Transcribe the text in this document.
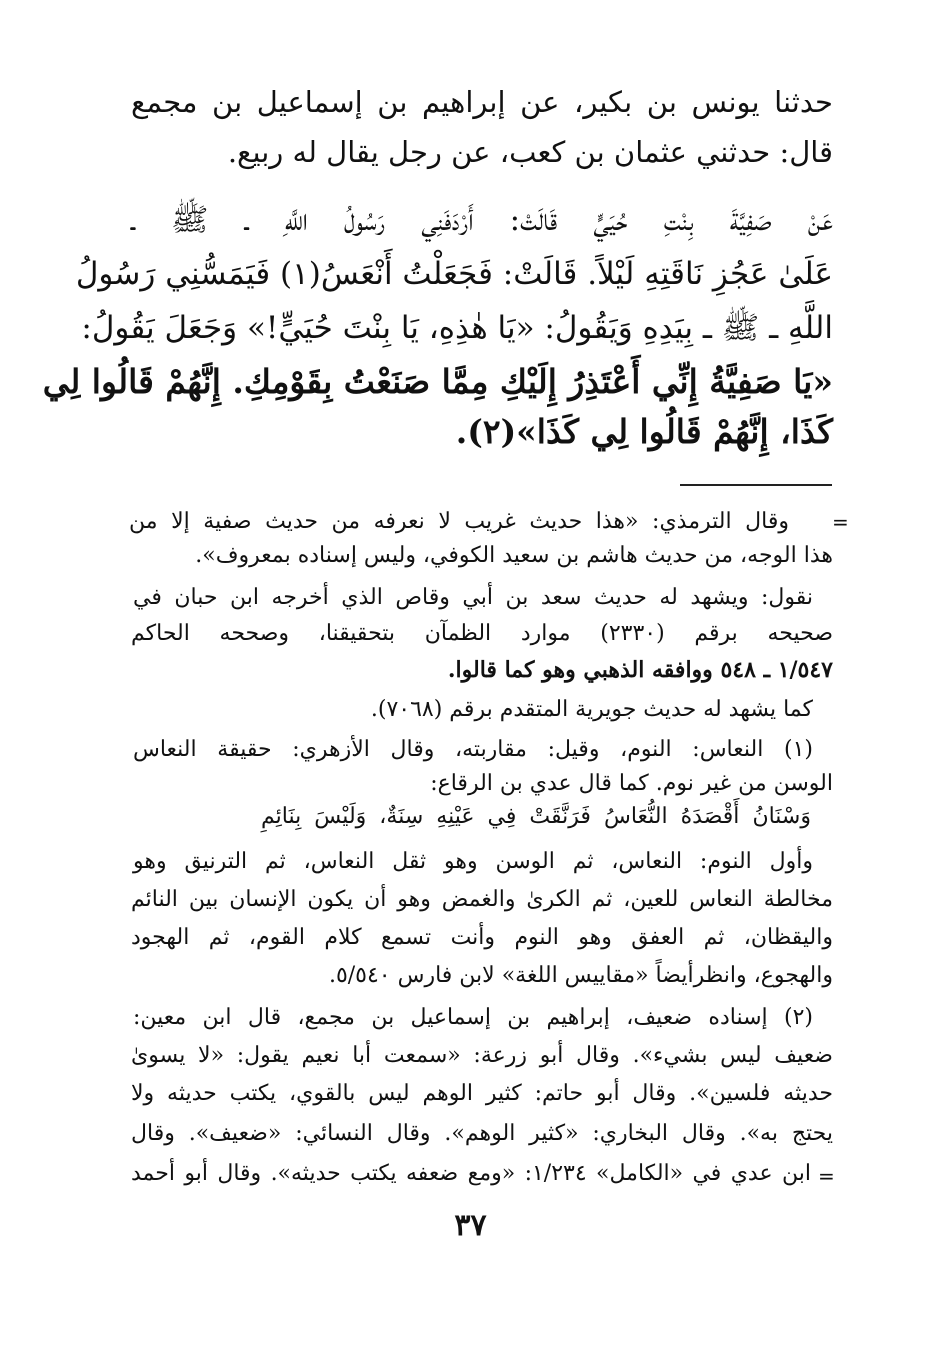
حدثنا يونس بن بكير، عن إبراهيم بن إسماعيل بن مجمع

قال: حدثني عثمان بن كعب، عن رجل يقال له ربيع.

عَنْ صَفِيَّةَ بِنْتِ حُيَيٍّ قَالَتْ: أَرْدَفَنِي رَسُولُ اللَّهِ ـ ﷺ ـ

عَلَىٰ عَجُزِ نَاقَتِهِ لَيْلاً. قَالَتْ: فَجَعَلْتُ أَنْعَسُ(١) فَيَمَسُّنِي رَسُولُ

اللَّهِ ـ ﷺ ـ بِيَدِهِ وَيَقُولُ: «يَا هٰذِهِ، يَا بِنْتَ حُيَيٍّ!» وَجَعَلَ يَقُولُ:

«يَا صَفِيَّةُ إِنِّي أَعْتَذِرُ إِلَيْكِ مِمَّا صَنَعْتُ بِقَوْمِكِ. إِنَّهُمْ قَالُوا لِي

كَذَا، إِنَّهُمْ قَالُوا لِي كَذَا»(٢).

=
=

وقال الترمذي: «هذا حديث غريب لا نعرفه من حديث صفية إلا من

هذا الوجه، من حديث هاشم بن سعيد الكوفي، وليس إسناده بمعروف».

نقول: ويشهد له حديث سعد بن أبي وقاص الذي أخرجه ابن حبان في

صحيحه برقم (٢٣٣٠) موارد الظمآن بتحقيقنا، وصححه الحاكم

١/٥٤٧ ـ ٥٤٨ ووافقه الذهبي وهو كما قالوا.

كما يشهد له حديث جويرية المتقدم برقم (٧٠٦٨).

(١) النعاس: النوم، وقيل: مقاربته، وقال الأزهري: حقيقة النعاس

الوسن من غير نوم. كما قال عدي بن الرقاع:

وَسْنَانُ أَقْصَدَهُ النُّعَاسُ فَرَنَّقَتْ فِي عَيْنِهِ سِنَةٌ، وَلَيْسَ بِنَائِمِ

وأول النوم: النعاس، ثم الوسن وهو ثقل النعاس، ثم الترنيق وهو

مخالطة النعاس للعين، ثم الكرىٰ والغمض وهو أن يكون الإنسان بين النائم

واليقظان، ثم العفق وهو النوم وأنت تسمع كلام القوم، ثم الهجود

والهجوع، وانظرأيضاً «مقاييس اللغة» لابن فارس ٥/٥٤٠.

(٢) إسناده ضعيف، إبراهيم بن إسماعيل بن مجمع، قال ابن معين:

ضعيف ليس بشيء». وقال أبو زرعة: «سمعت أبا نعيم يقول: «لا يسوىٰ

حديثه فلسين». وقال أبو حاتم: كثير الوهم ليس بالقوي، يكتب حديثه ولا

يحتج به». وقال البخاري: «كثير الوهم». وقال النسائي: «ضعيف». وقال

ابن عدي في «الكامل» ١/٢٣٤: «ومع ضعفه يكتب حديثه». وقال أبو أحمد

٣٧
